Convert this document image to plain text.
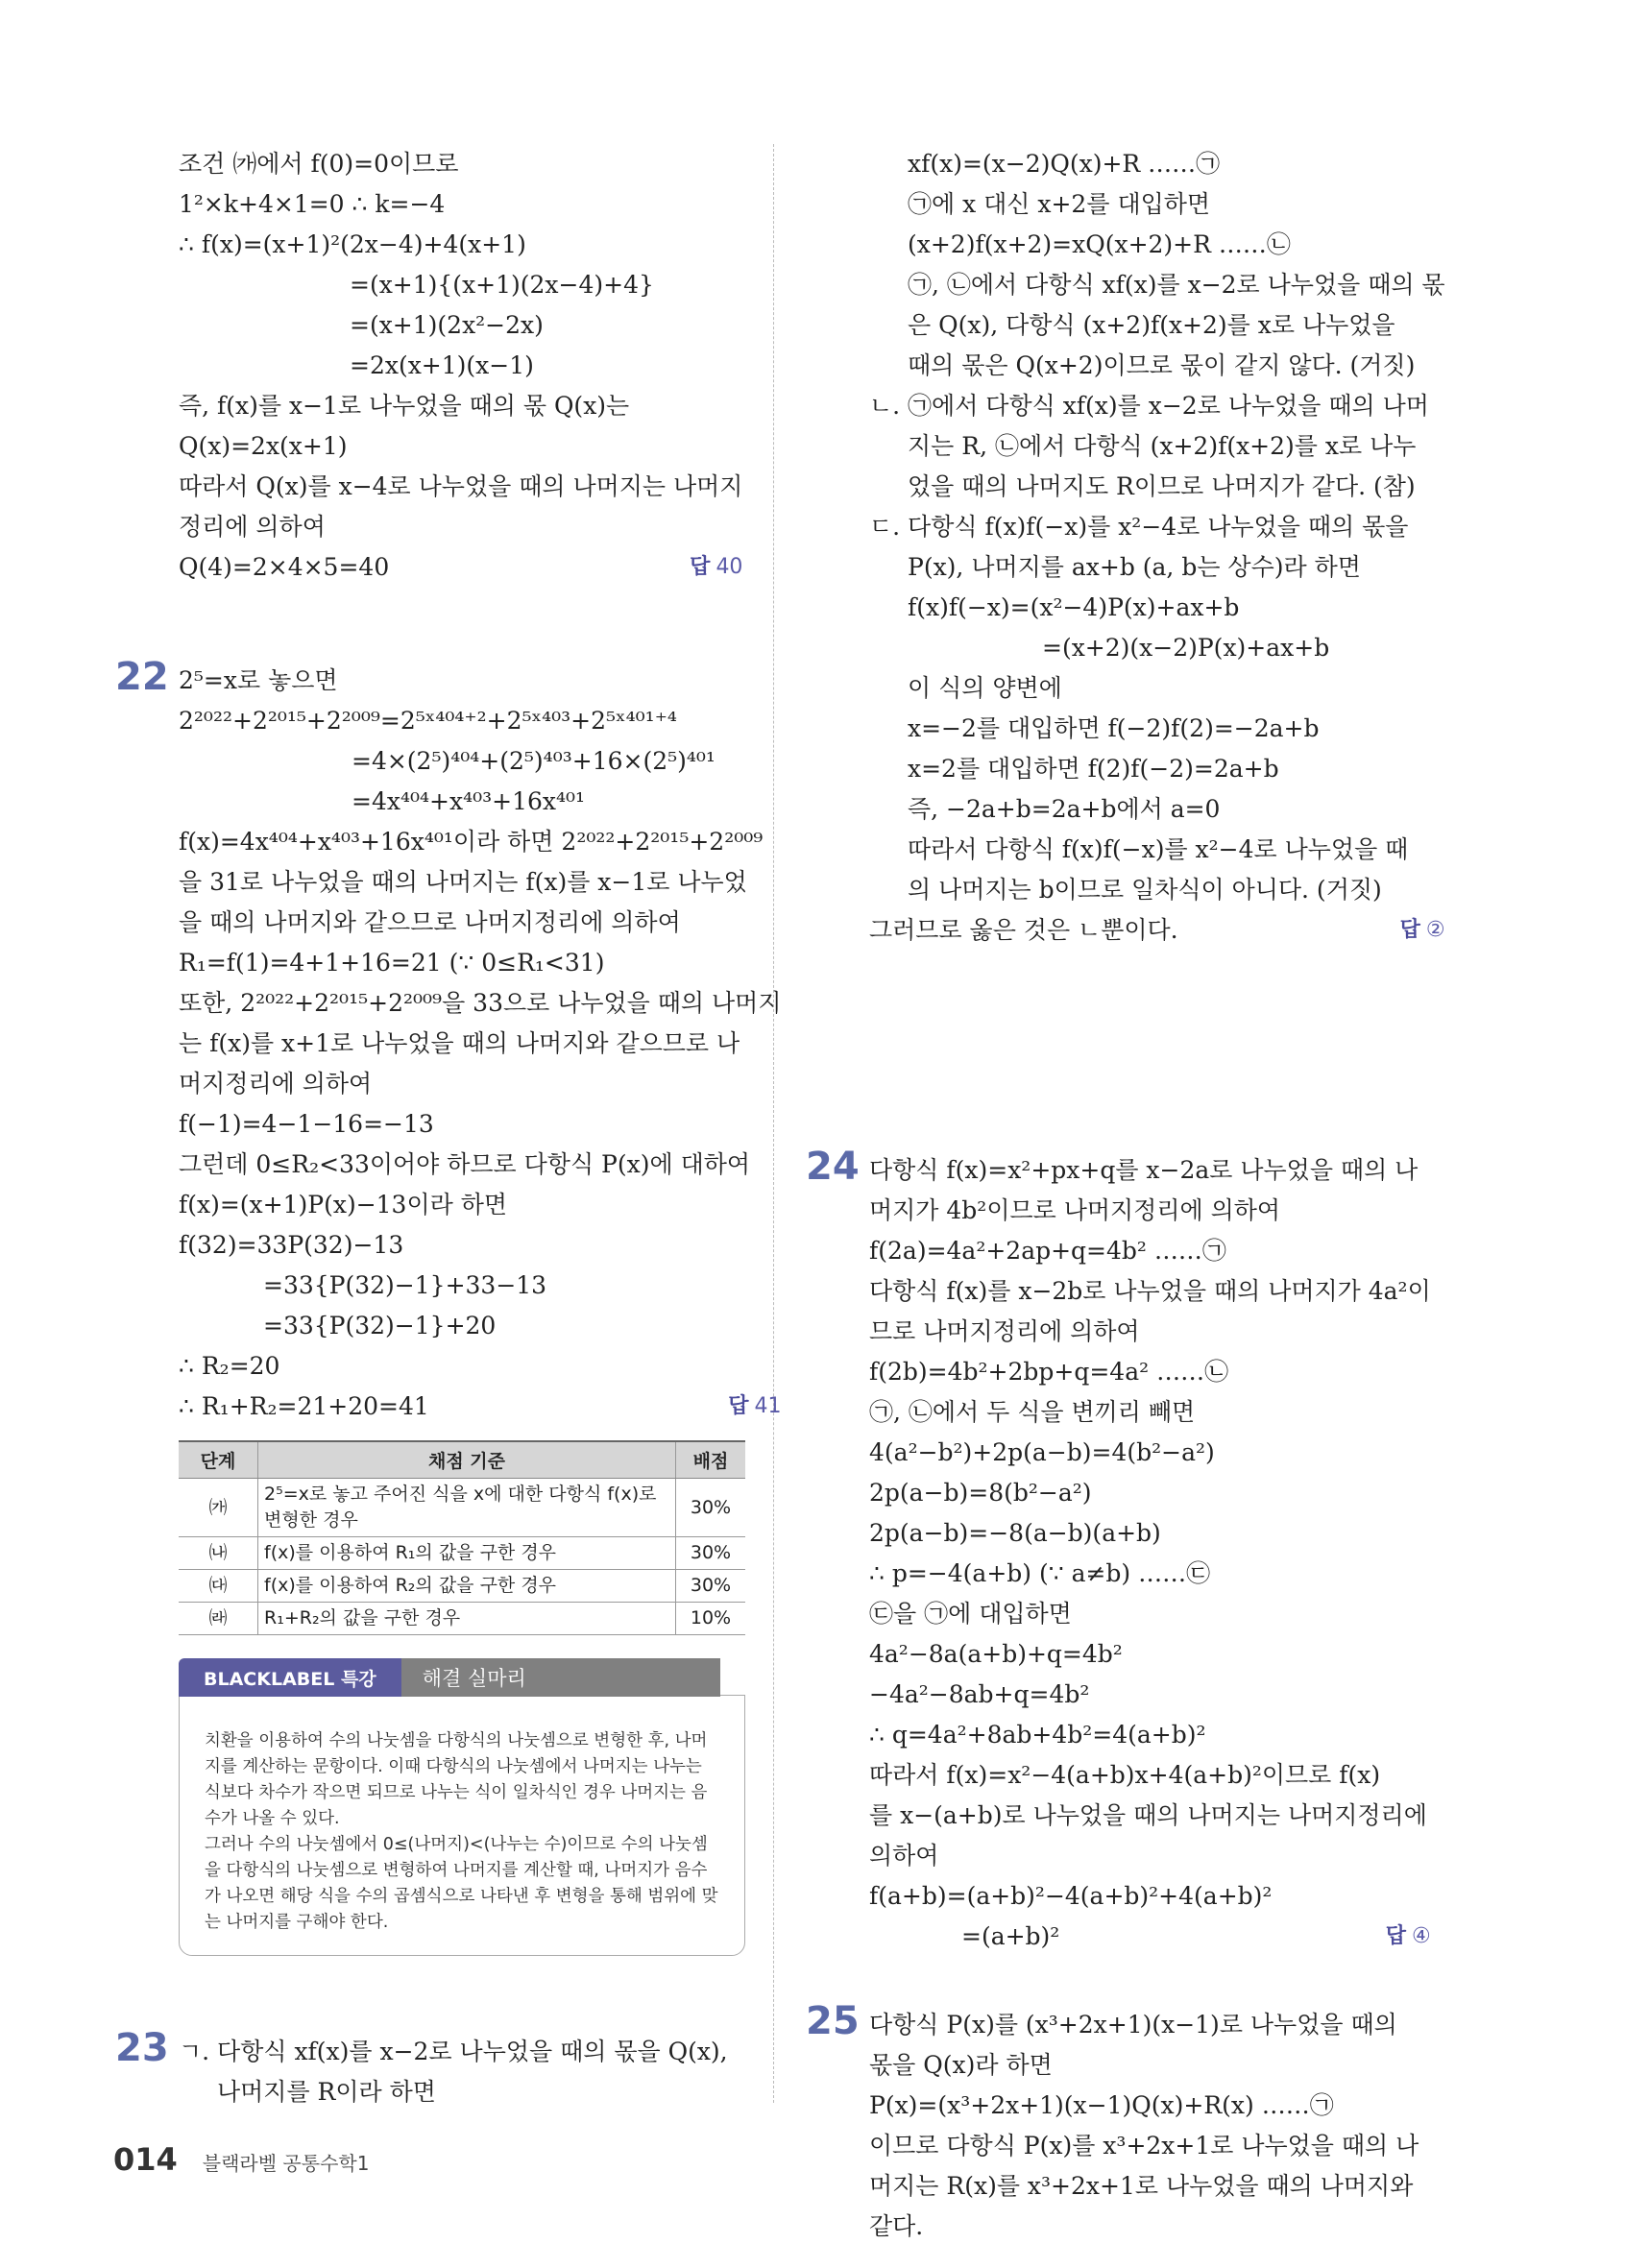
조건 ㈎에서 f(0)=0이므로
1²×k+4×1=0 ∴ k=−4
∴ f(x)=(x+1)²(2x−4)+4(x+1)
=(x+1){(x+1)(2x−4)+4}
=(x+1)(2x²−2x)
=2x(x+1)(x−1)
즉, f(x)를 x−1로 나누었을 때의 몫 Q(x)는
Q(x)=2x(x+1)
따라서 Q(x)를 x−4로 나누었을 때의 나머지는 나머지
정리에 의하여
Q(4)=2×4×5=40	답 40
22 2⁵=x로 놓으면
2²⁰²²+2²⁰¹⁵+2²⁰⁰⁹=2⁵ˣ⁴⁰⁴⁺²+2⁵ˣ⁴⁰³+2⁵ˣ⁴⁰¹⁺⁴
=4×(2⁵)⁴⁰⁴+(2⁵)⁴⁰³+16×(2⁵)⁴⁰¹
=4x⁴⁰⁴+x⁴⁰³+16x⁴⁰¹
f(x)=4x⁴⁰⁴+x⁴⁰³+16x⁴⁰¹이라 하면 2²⁰²²+2²⁰¹⁵+2²⁰⁰⁹
을 31로 나누었을 때의 나머지는 f(x)를 x−1로 나누었
을 때의 나머지와 같으므로 나머지정리에 의하여
R₁=f(1)=4+1+16=21 (∵ 0≤R₁<31)
또한, 2²⁰²²+2²⁰¹⁵+2²⁰⁰⁹을 33으로 나누었을 때의 나머지
는 f(x)를 x+1로 나누었을 때의 나머지와 같으므로 나
머지정리에 의하여
f(−1)=4−1−16=−13
그런데 0≤R₂<33이어야 하므로 다항식 P(x)에 대하여
f(x)=(x+1)P(x)−13이라 하면
f(32)=33P(32)−13
=33{P(32)−1}+33−13
=33{P(32)−1}+20
∴ R₂=20
∴ R₁+R₂=21+20=41	답 41
단계	채점 기준	배점
㈎	2⁵=x로 놓고 주어진 식을 x에 대한 다항식 f(x)로 변형한 경우	30%
㈏	f(x)를 이용하여 R₁의 값을 구한 경우	30%
㈐	f(x)를 이용하여 R₂의 값을 구한 경우	30%
㈑	R₁+R₂의 값을 구한 경우	10%
BLACKLABEL 특강	해결 실마리
치환을 이용하여 수의 나눗셈을 다항식의 나눗셈으로 변형한 후, 나머지를 계산하는 문항이다. 이때 다항식의 나눗셈에서 나머지는 나누는 식보다 차수가 작으면 되므로 나누는 식이 일차식인 경우 나머지는 음수가 나올 수 있다.
그러나 수의 나눗셈에서 0≤(나머지)<(나누는 수)이므로 수의 나눗셈을 다항식의 나눗셈으로 변형하여 나머지를 계산할 때, 나머지가 음수가 나오면 해당 식을 수의 곱셈식으로 나타낸 후 변형을 통해 범위에 맞는 나머지를 구해야 한다.
23 ㄱ. 다항식 xf(x)를 x−2로 나누었을 때의 몫을 Q(x),
나머지를 R이라 하면
xf(x)=(x−2)Q(x)+R ……㉠
㉠에 x 대신 x+2를 대입하면
(x+2)f(x+2)=xQ(x+2)+R ……㉡
㉠, ㉡에서 다항식 xf(x)를 x−2로 나누었을 때의 몫
은 Q(x), 다항식 (x+2)f(x+2)를 x로 나누었을
때의 몫은 Q(x+2)이므로 몫이 같지 않다. (거짓)
ㄴ. ㉠에서 다항식 xf(x)를 x−2로 나누었을 때의 나머
지는 R, ㉡에서 다항식 (x+2)f(x+2)를 x로 나누
었을 때의 나머지도 R이므로 나머지가 같다. (참)
ㄷ. 다항식 f(x)f(−x)를 x²−4로 나누었을 때의 몫을
P(x), 나머지를 ax+b (a, b는 상수)라 하면
f(x)f(−x)=(x²−4)P(x)+ax+b
=(x+2)(x−2)P(x)+ax+b
이 식의 양변에
x=−2를 대입하면 f(−2)f(2)=−2a+b
x=2를 대입하면 f(2)f(−2)=2a+b
즉, −2a+b=2a+b에서 a=0
따라서 다항식 f(x)f(−x)를 x²−4로 나누었을 때
의 나머지는 b이므로 일차식이 아니다. (거짓)
그러므로 옳은 것은 ㄴ뿐이다.	답 ②
24 다항식 f(x)=x²+px+q를 x−2a로 나누었을 때의 나
머지가 4b²이므로 나머지정리에 의하여
f(2a)=4a²+2ap+q=4b² ……㉠
다항식 f(x)를 x−2b로 나누었을 때의 나머지가 4a²이
므로 나머지정리에 의하여
f(2b)=4b²+2bp+q=4a² ……㉡
㉠, ㉡에서 두 식을 변끼리 빼면
4(a²−b²)+2p(a−b)=4(b²−a²)
2p(a−b)=8(b²−a²)
2p(a−b)=−8(a−b)(a+b)
∴ p=−4(a+b) (∵ a≠b) ……㉢
㉢을 ㉠에 대입하면
4a²−8a(a+b)+q=4b²
−4a²−8ab+q=4b²
∴ q=4a²+8ab+4b²=4(a+b)²
따라서 f(x)=x²−4(a+b)x+4(a+b)²이므로 f(x)
를 x−(a+b)로 나누었을 때의 나머지는 나머지정리에
의하여
f(a+b)=(a+b)²−4(a+b)²+4(a+b)²
=(a+b)²	답 ④
25 다항식 P(x)를 (x³+2x+1)(x−1)로 나누었을 때의
몫을 Q(x)라 하면
P(x)=(x³+2x+1)(x−1)Q(x)+R(x) ……㉠
이므로 다항식 P(x)를 x³+2x+1로 나누었을 때의 나
머지는 R(x)를 x³+2x+1로 나누었을 때의 나머지와
같다.
014 블랙라벨 공통수학1
